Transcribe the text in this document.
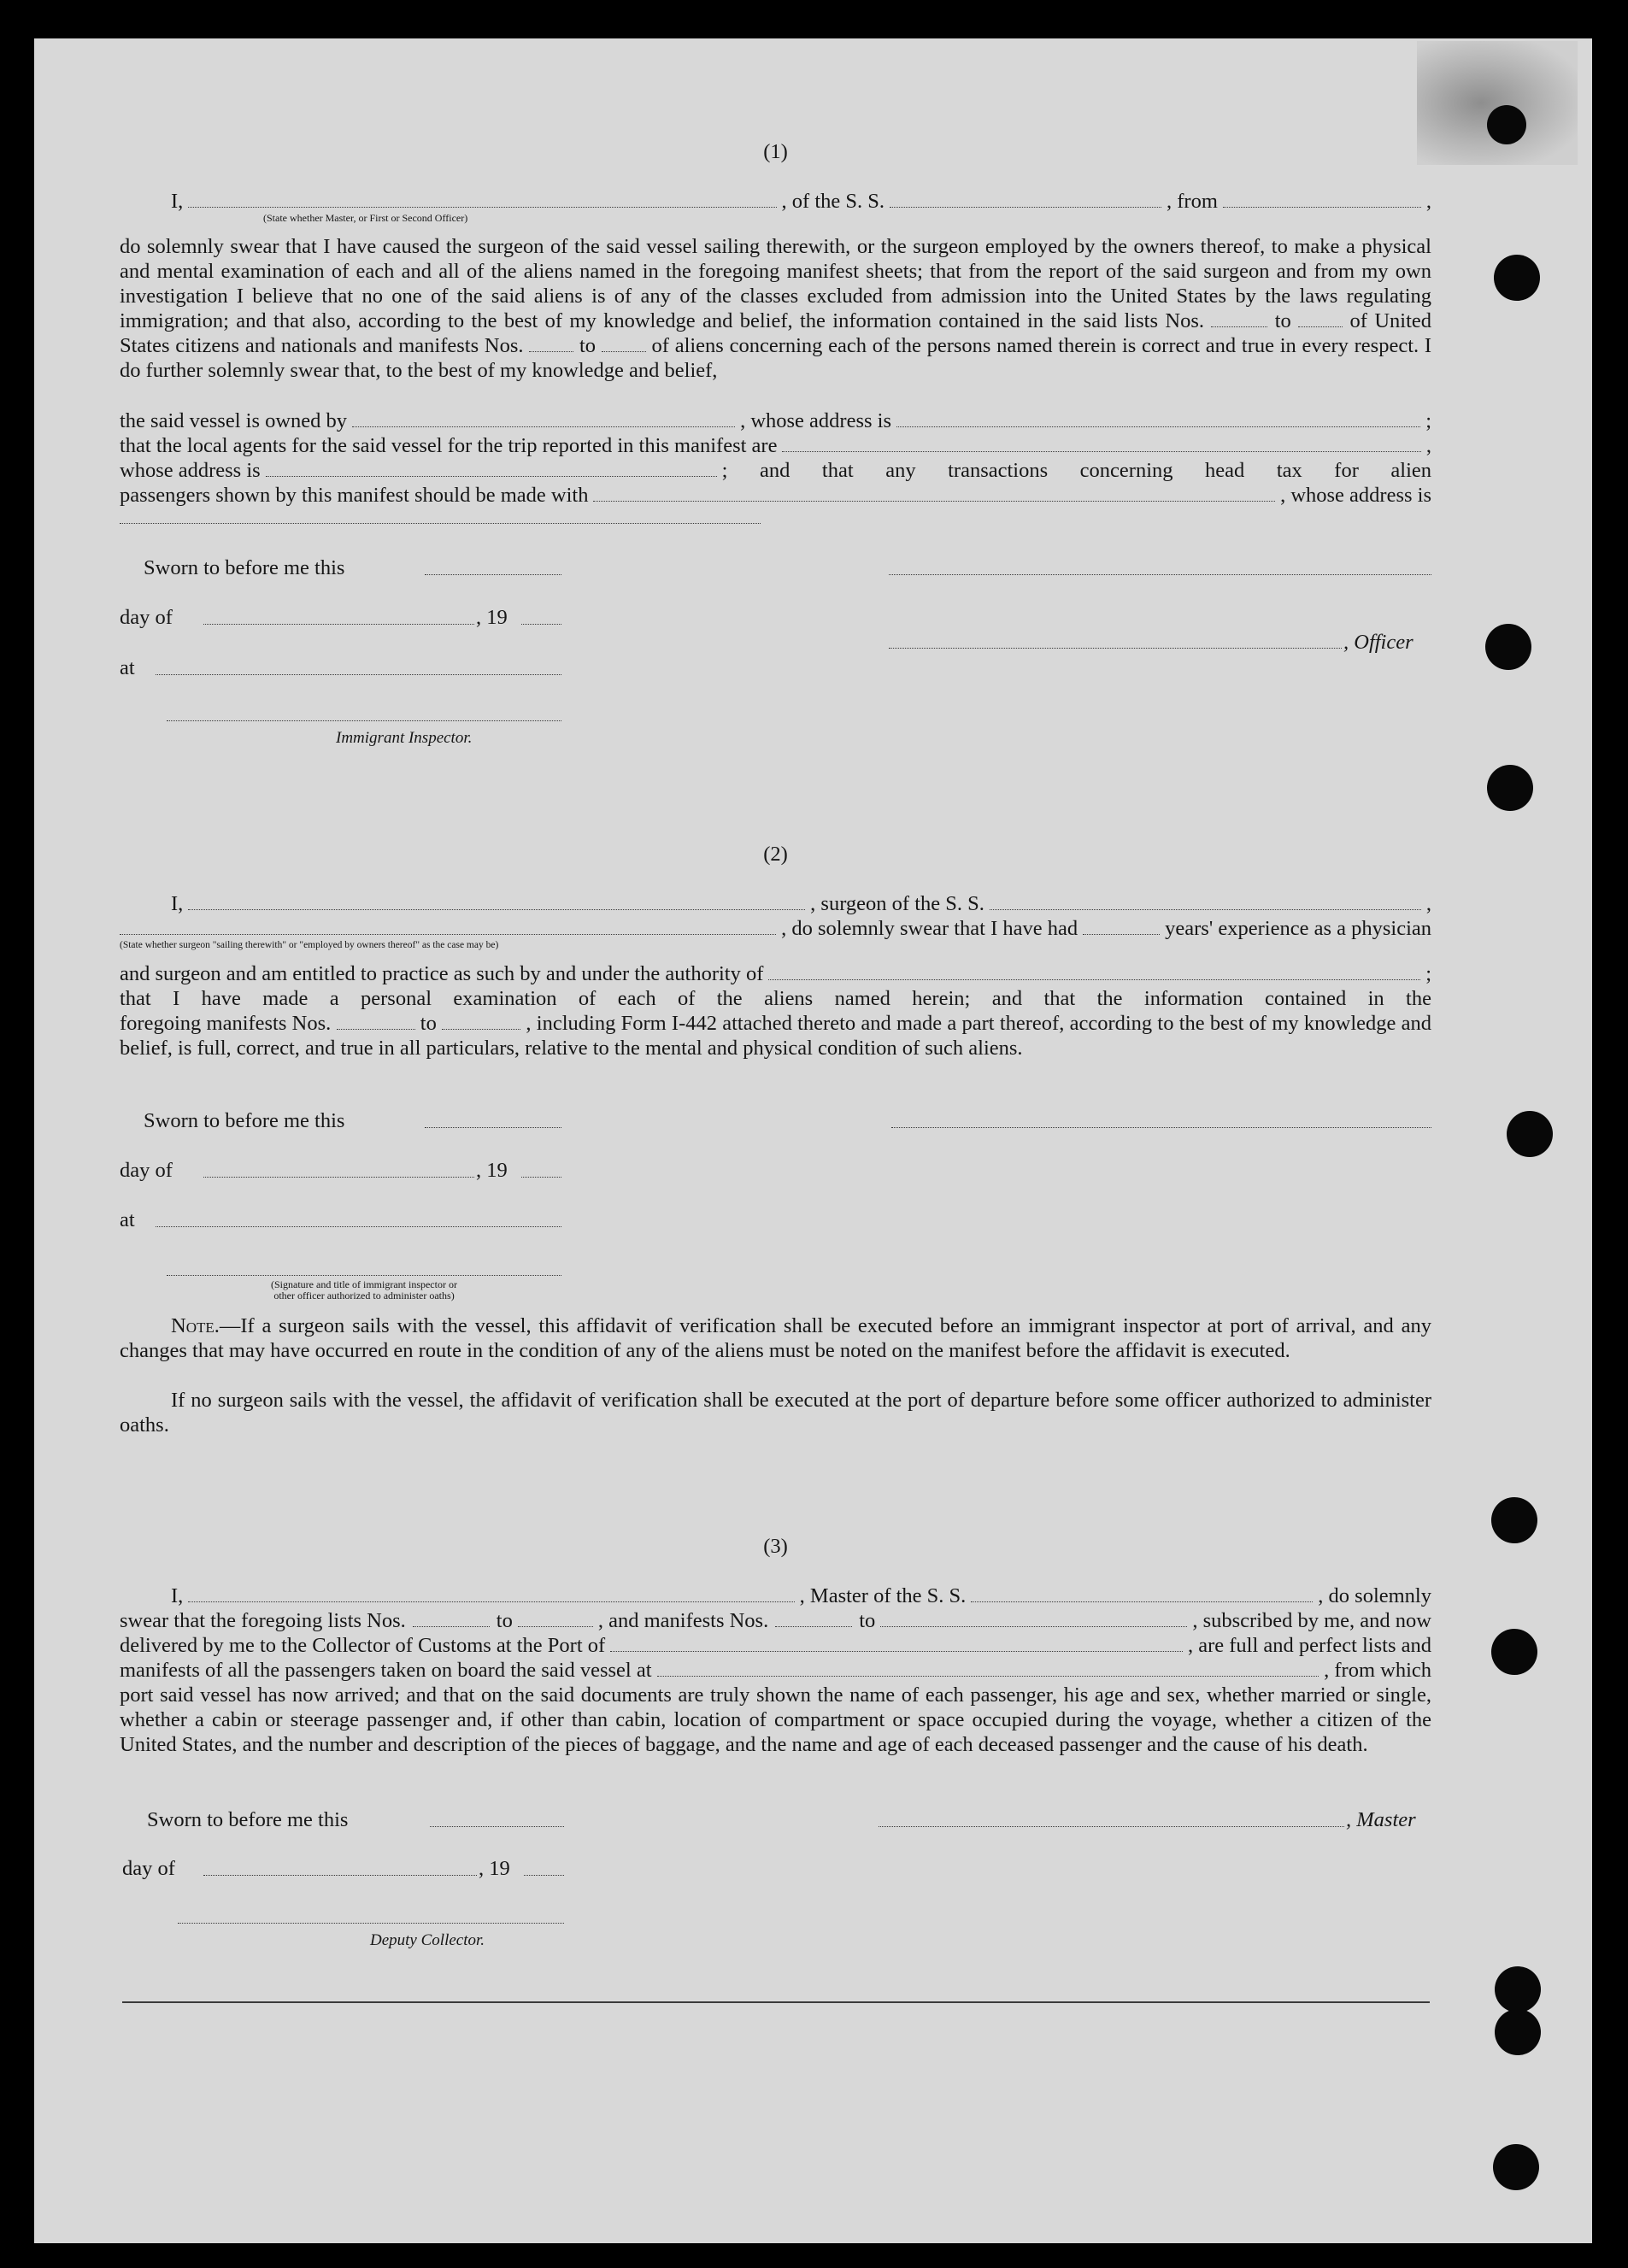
(1)
I,	, of the S. S.	, from	,
(State whether Master, or First or Second Officer)
do solemnly swear that I have caused the surgeon of the said vessel sailing therewith, or the surgeon employed by the owners thereof, to make a physical and mental examination of each and all of the aliens named in the foregoing manifest sheets; that from the report of the said surgeon and from my own investigation I believe that no one of the said aliens is of any of the classes excluded from admission into the United States by the laws regulating immigration; and that also, according to the best of my knowledge and belief, the information contained in the said lists Nos.	to	of United States citizens and nationals and manifests Nos.	to	of aliens concerning each of the persons named therein is correct and true in every respect. I do further solemnly swear that, to the best of my knowledge and belief,
the said vessel is owned by	, whose address is	;
that the local agents for the said vessel for the trip reported in this manifest are	,
whose address is	; and that any transactions concerning head tax for alien
passengers shown by this manifest should be made with	, whose address is
Sworn to before me this
day of	, 19
, Officer
at
Immigrant Inspector.
(2)
I,	, surgeon of the S. S.	,
, do solemnly swear that I have had	years' experience as a physician
(State whether surgeon "sailing therewith" or "employed by owners thereof" as the case may be)
and surgeon and am entitled to practice as such by and under the authority of	;
that I have made a personal examination of each of the aliens named herein; and that the information contained in the
foregoing manifests Nos.	to	, including Form I-442 attached thereto and made a part thereof, according to the best of my knowledge and belief, is full, correct, and true in all particulars, relative to the mental and physical condition of such aliens.
Sworn to before me this
day of	, 19
at
(Signature and title of immigrant inspector or
other officer authorized to administer oaths)
Note.—If a surgeon sails with the vessel, this affidavit of verification shall be executed before an immigrant inspector at port of arrival, and any changes that may have occurred en route in the condition of any of the aliens must be noted on the manifest before the affidavit is executed.
If no surgeon sails with the vessel, the affidavit of verification shall be executed at the port of departure before some officer authorized to administer oaths.
(3)
I,	, Master of the S. S.	, do solemnly
swear that the foregoing lists Nos.	to	, and manifests Nos.	to	, subscribed by me, and now
delivered by me to the Collector of Customs at the Port of	, are full and perfect lists and
manifests of all the passengers taken on board the said vessel at	, from which
port said vessel has now arrived; and that on the said documents are truly shown the name of each passenger, his age and sex, whether married or single, whether a cabin or steerage passenger and, if other than cabin, location of compartment or space occupied during the voyage, whether a citizen of the United States, and the number and description of the pieces of baggage, and the name and age of each deceased passenger and the cause of his death.
Sworn to before me this	, Master
day of	, 19
Deputy Collector.
